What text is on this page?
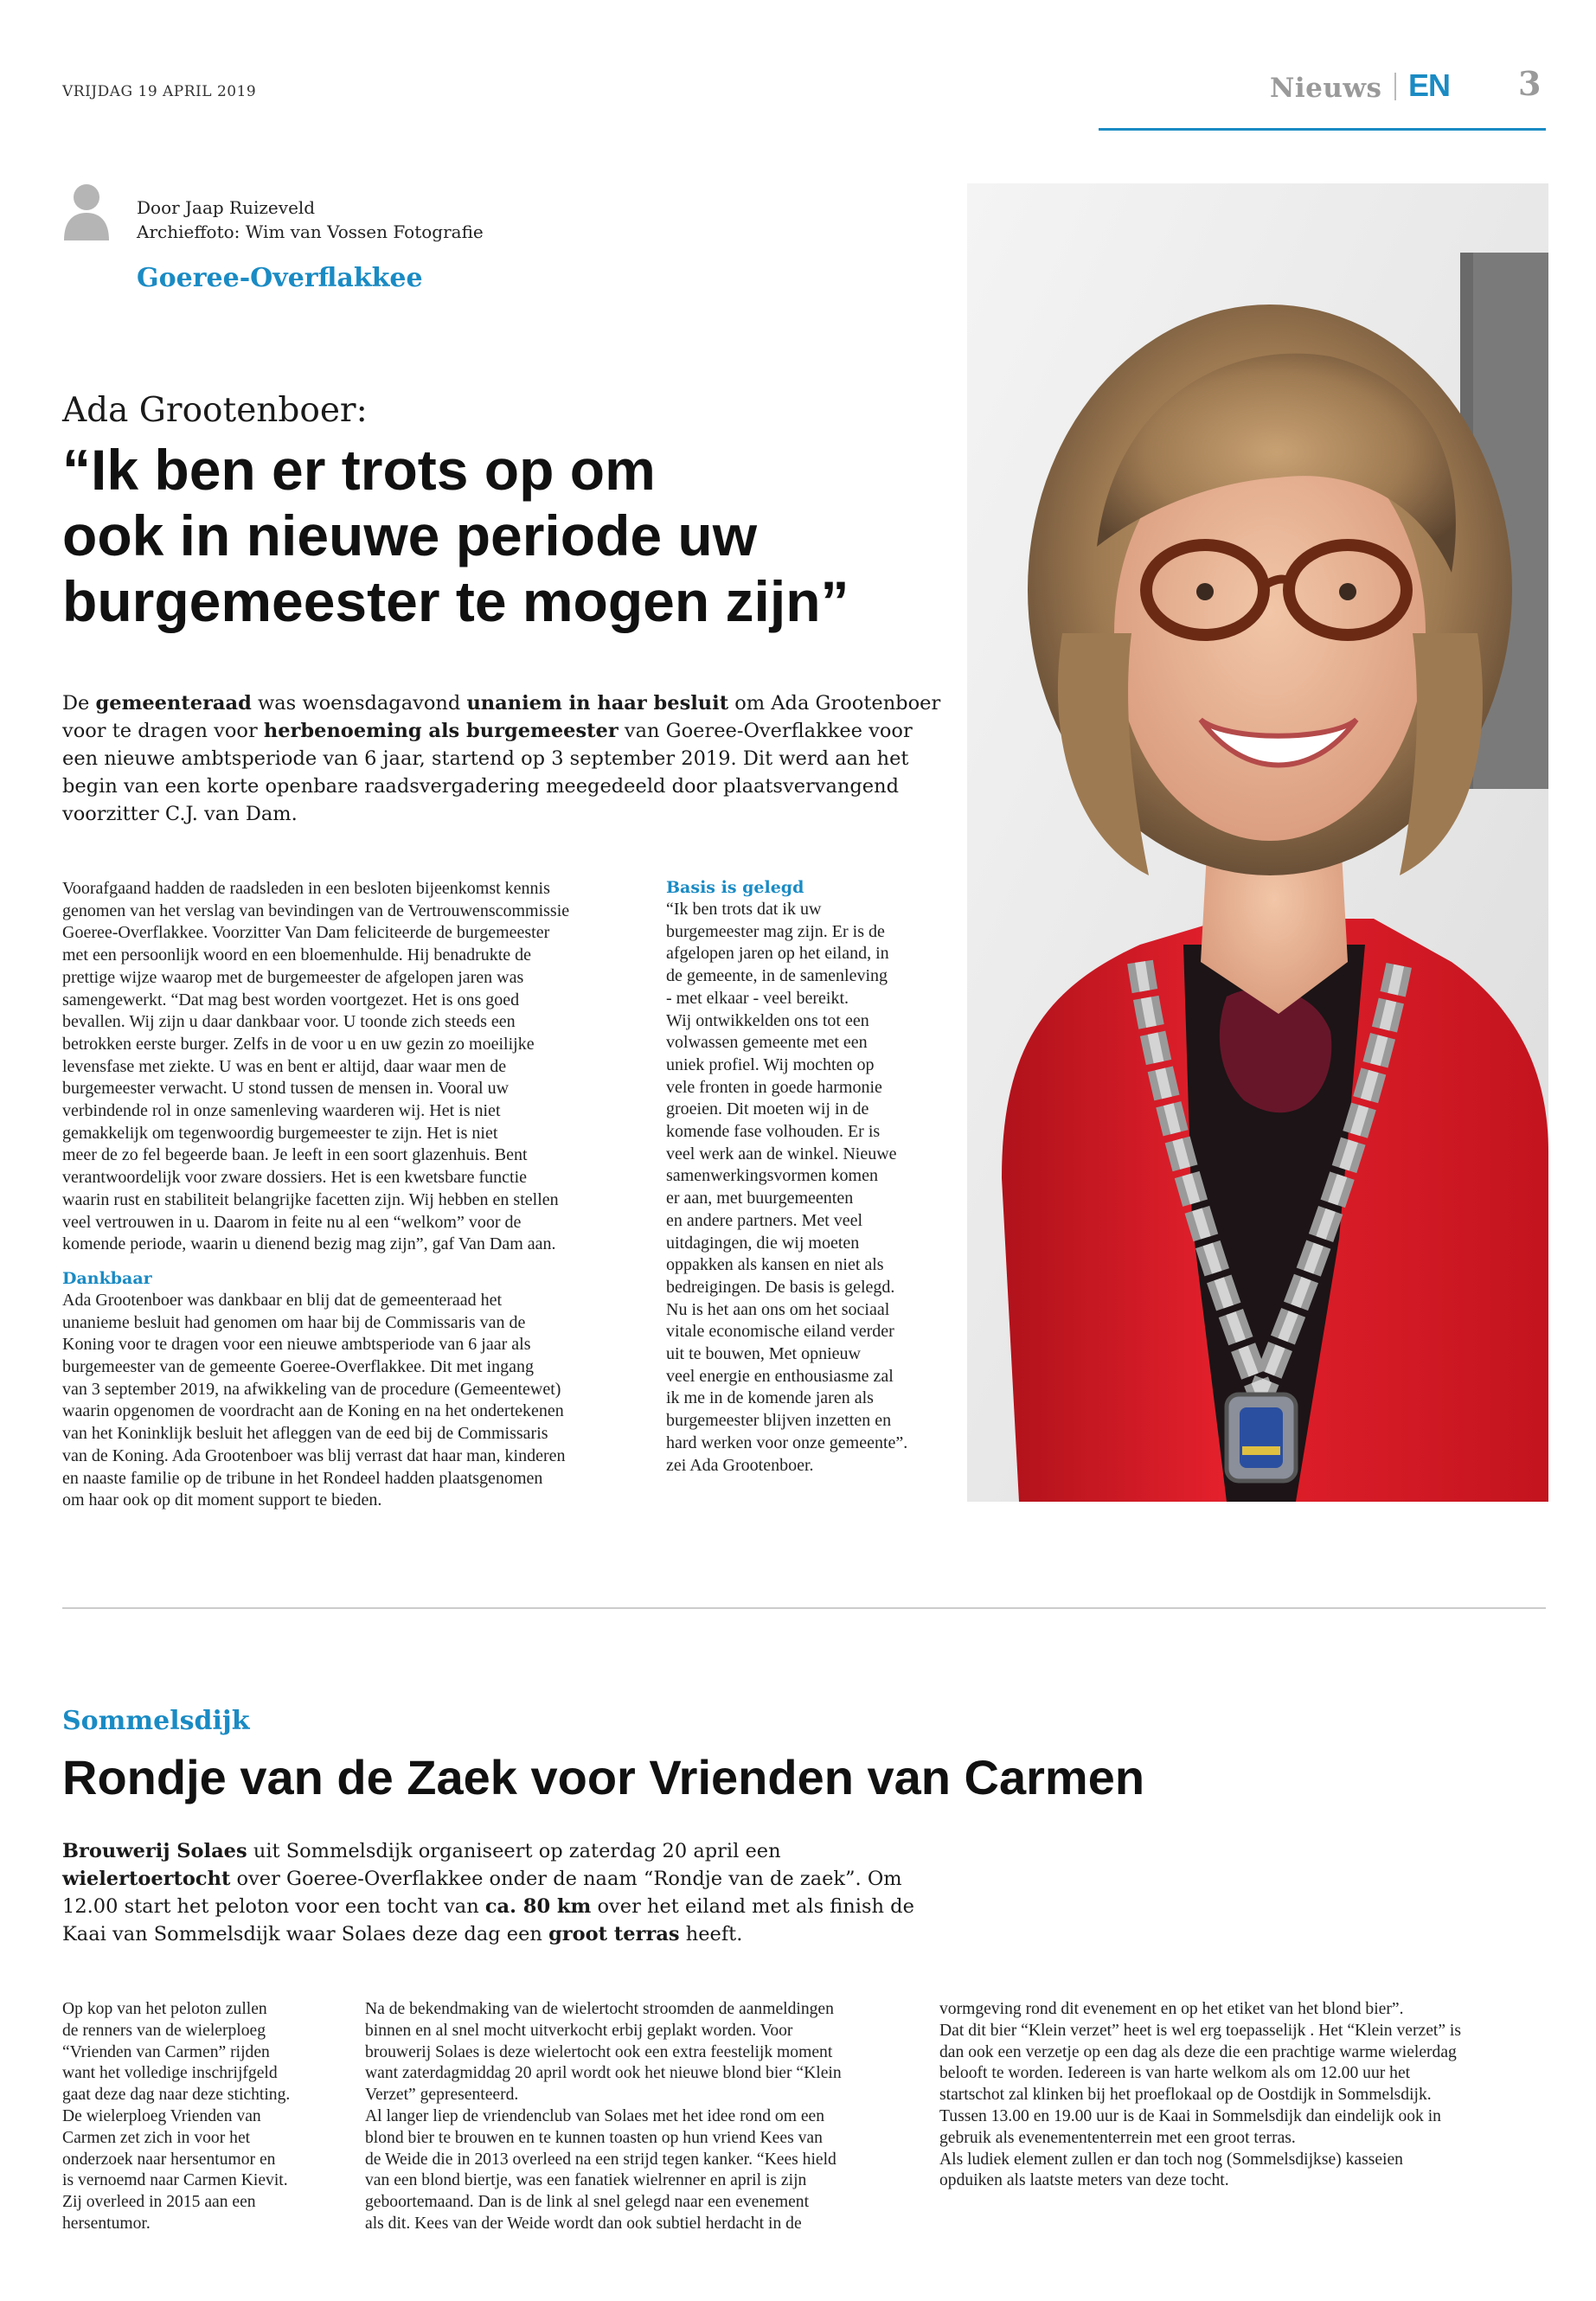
VRIJDAG 19 APRIL 2019	Nieuws EN 3
Door Jaap Ruizeveld
Archieffoto: Wim van Vossen Fotografie
Goeree-Overflakkee
Ada Grootenboer:
“Ik ben er trots op om
ook in nieuwe periode uw
burgemeester te mogen zijn”
De gemeenteraad was woensdagavond unaniem in haar besluit om Ada Grootenboer voor te dragen voor herbenoeming als burgemeester van Goeree-Overflakkee voor een nieuwe ambtsperiode van 6 jaar, startend op 3 september 2019. Dit werd aan het begin van een korte openbare raadsvergadering meegedeeld door plaatsvervangend voorzitter C.J. van Dam.
Voorafgaand hadden de raadsleden in een besloten bijeenkomst kennis
genomen van het verslag van bevindingen van de Vertrouwenscommissie
Goeree-Overflakkee. Voorzitter Van Dam feliciteerde de burgemeester
met een persoonlijk woord en een bloemenhulde. Hij benadrukte de
prettige wijze waarop met de burgemeester de afgelopen jaren was
samengewerkt. “Dat mag best worden voortgezet. Het is ons goed
bevallen. Wij zijn u daar dankbaar voor. U toonde zich steeds een
betrokken eerste burger. Zelfs in de voor u en uw gezin zo moeilijke
levensfase met ziekte. U was en bent er altijd, daar waar men de
burgemeester verwacht. U stond tussen de mensen in. Vooral uw
verbindende rol in onze samenleving waarderen wij. Het is niet
gemakkelijk om tegenwoordig burgemeester te zijn. Het is niet
meer de zo fel begeerde baan. Je leeft in een soort glazenhuis. Bent
verantwoordelijk voor zware dossiers. Het is een kwetsbare functie
waarin rust en stabiliteit belangrijke facetten zijn. Wij hebben en stellen
veel vertrouwen in u. Daarom in feite nu al een “welkom” voor de
komende periode, waarin u dienend bezig mag zijn”, gaf Van Dam aan.
Dankbaar
Ada Grootenboer was dankbaar en blij dat de gemeenteraad het
unanieme besluit had genomen om haar bij de Commissaris van de
Koning voor te dragen voor een nieuwe ambtsperiode van 6 jaar als
burgemeester van de gemeente Goeree-Overflakkee. Dit met ingang
van 3 september 2019, na afwikkeling van de procedure (Gemeentewet)
waarin opgenomen de voordracht aan de Koning en na het ondertekenen
van het Koninklijk besluit het afleggen van de eed bij de Commissaris
van de Koning. Ada Grootenboer was blij verrast dat haar man, kinderen
en naaste familie op de tribune in het Rondeel hadden plaatsgenomen
om haar ook op dit moment support te bieden.
Basis is gelegd
“Ik ben trots dat ik uw
burgemeester mag zijn. Er is de
afgelopen jaren op het eiland, in
de gemeente, in de samenleving
- met elkaar - veel bereikt.
Wij ontwikkelden ons tot een
volwassen gemeente met een
uniek profiel. Wij mochten op
vele fronten in goede harmonie
groeien. Dit moeten wij in de
komende fase volhouden. Er is
veel werk aan de winkel. Nieuwe
samenwerkingsvormen komen
er aan, met buurgemeenten
en andere partners. Met veel
uitdagingen, die wij moeten
oppakken als kansen en niet als
bedreigingen. De basis is gelegd.
Nu is het aan ons om het sociaal
vitale economische eiland verder
uit te bouwen, Met opnieuw
veel energie en enthousiasme zal
ik me in de komende jaren als
burgemeester blijven inzetten en
hard werken voor onze gemeente”.
zei Ada Grootenboer.
Sommelsdijk
Rondje van de Zaek voor Vrienden van Carmen
Brouwerij Solaes uit Sommelsdijk organiseert op zaterdag 20 april een wielertoertocht over Goeree-Overflakkee onder de naam “Rondje van de zaek”. Om 12.00 start het peloton voor een tocht van ca. 80 km over het eiland met als finish de Kaai van Sommelsdijk waar Solaes deze dag een groot terras heeft.
Op kop van het peloton zullen
de renners van de wielerploeg
“Vrienden van Carmen” rijden
want het volledige inschrijfgeld
gaat deze dag naar deze stichting.
De wielerploeg Vrienden van
Carmen zet zich in voor het
onderzoek naar hersentumor en
is vernoemd naar Carmen Kievit.
Zij overleed in 2015 aan een
hersentumor.
Na de bekendmaking van de wielertocht stroomden de aanmeldingen
binnen en al snel mocht uitverkocht erbij geplakt worden. Voor
brouwerij Solaes is deze wielertocht ook een extra feestelijk moment
want zaterdagmiddag 20 april wordt ook het nieuwe blond bier “Klein
Verzet” gepresenteerd.
Al langer liep de vriendenclub van Solaes met het idee rond om een
blond bier te brouwen en te kunnen toasten op hun vriend Kees van
de Weide die in 2013 overleed na een strijd tegen kanker. “Kees hield
van een blond biertje, was een fanatiek wielrenner en april is zijn
geboortemaand. Dan is de link al snel gelegd naar een evenement
als dit. Kees van der Weide wordt dan ook subtiel herdacht in de
vormgeving rond dit evenement en op het etiket van het blond bier”.
Dat dit bier “Klein verzet” heet is wel erg toepasselijk . Het “Klein verzet” is
dan ook een verzetje op een dag als deze die een prachtige warme wielerdag
belooft te worden. Iedereen is van harte welkom als om 12.00 uur het
startschot zal klinken bij het proeflokaal op de Oostdijk in Sommelsdijk.
Tussen 13.00 en 19.00 uur is de Kaai in Sommelsdijk dan eindelijk ook in
gebruik als evenemententerrein met een groot terras.
Als ludiek element zullen er dan toch nog (Sommelsdijkse) kasseien
opduiken als laatste meters van deze tocht.
